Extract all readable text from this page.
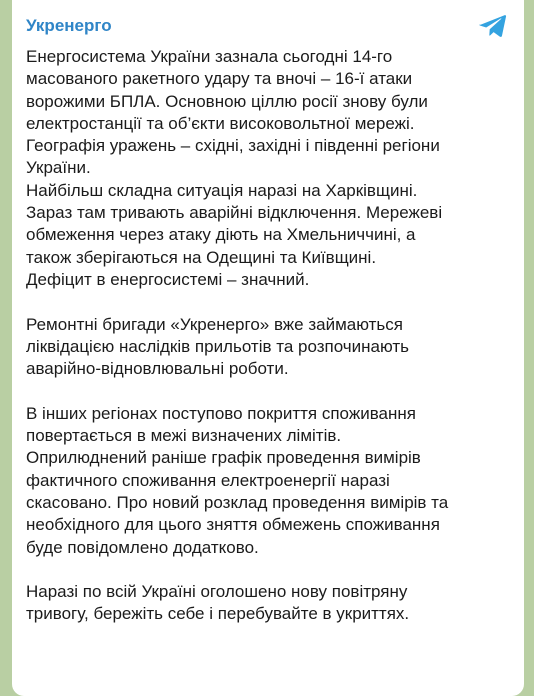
Укренерго
Енергосистема України зазнала сьогодні 14-го
масованого ракетного удару та вночі – 16-ї атаки
ворожими БПЛА. Основною ціллю росії знову були
електростанції та об’єкти високовольтної мережі.
Географія уражень – східні, західні і південні регіони
України.
Найбільш складна ситуація наразі на Харківщині.
Зараз там тривають аварійні відключення. Мережеві
обмеження через атаку діють на Хмельниччині, а
також зберігаються на Одещині та Київщині.
Дефіцит в енергосистемі – значний.

Ремонтні бригади «Укренерго» вже займаються
ліквідацією наслідків прильотів та розпочинають
аварійно-відновлювальні роботи.

В інших регіонах поступово покриття споживання
повертається в межі визначених лімітів.
Оприлюднений раніше графік проведення вимірів
фактичного споживання електроенергії наразі
скасовано. Про новий розклад проведення вимірів та
необхідного для цього зняття обмежень споживання
буде повідомлено додатково.

Наразі по всій Україні оголошено нову повітряну
тривогу, бережіть себе і перебувайте в укриттях.
